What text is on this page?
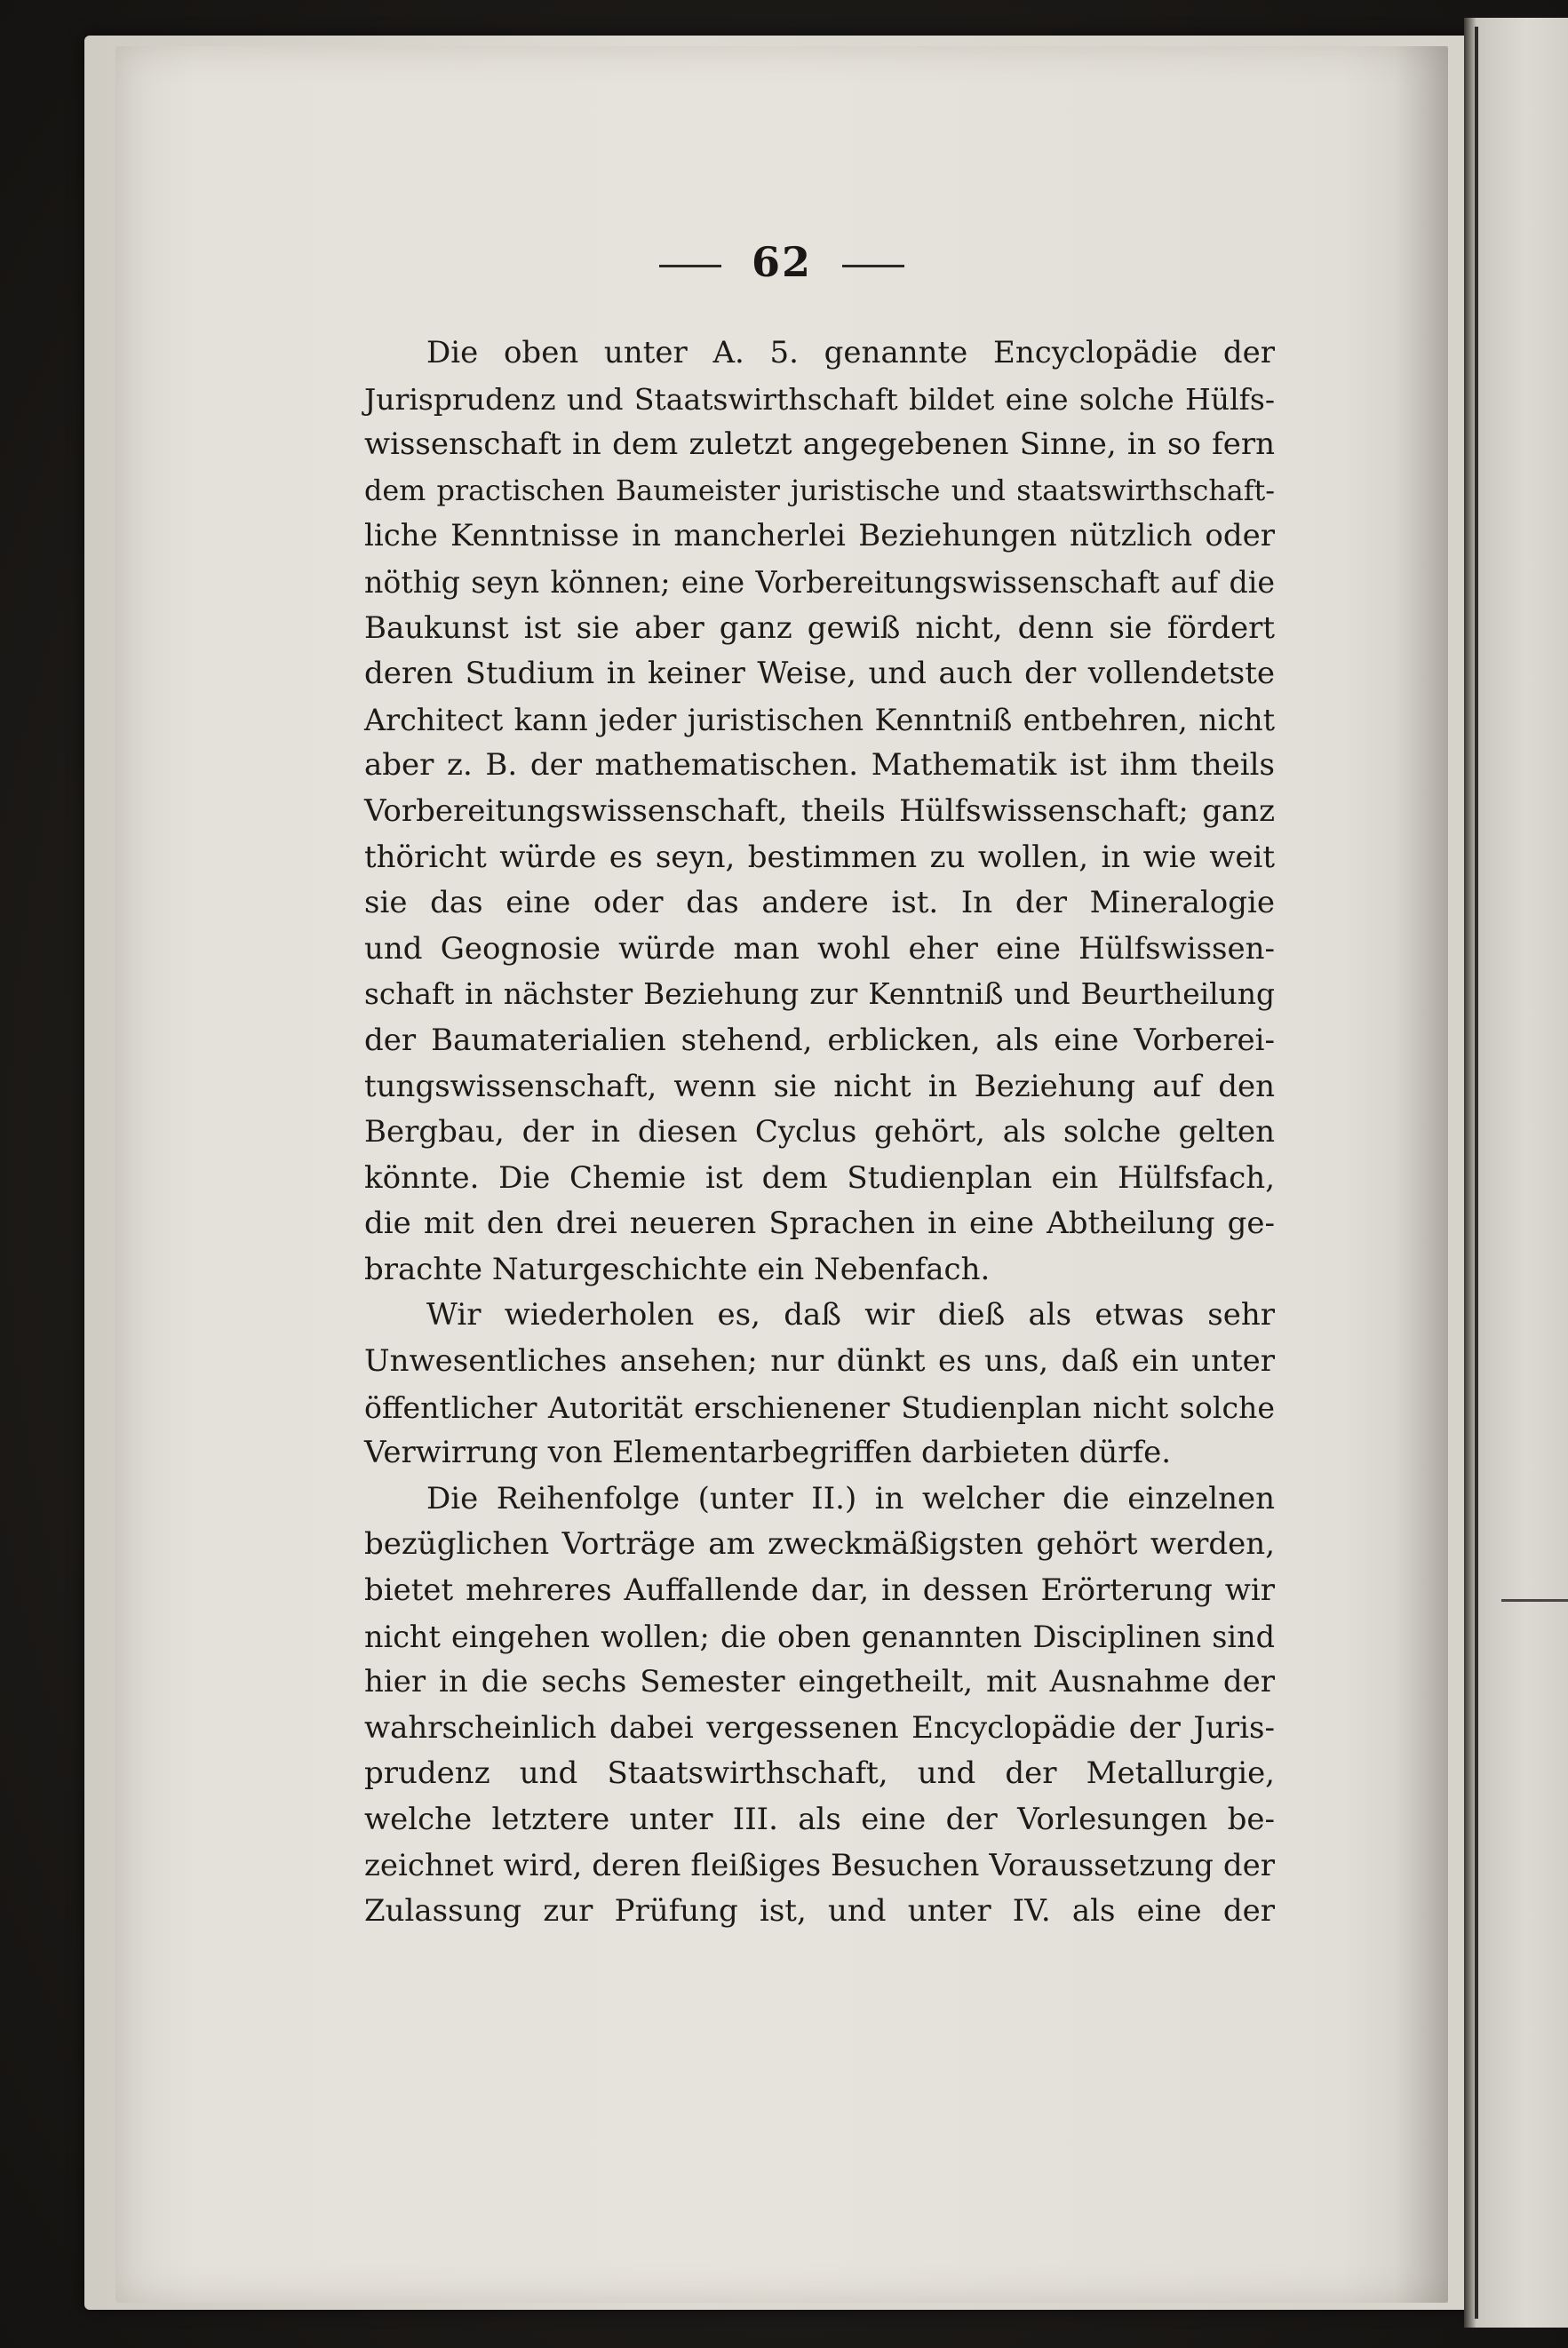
62
Die oben unter A. 5. genannte Encyclopädie der
Jurisprudenz und Staatswirthschaft bildet eine solche Hülfs-
wissenschaft in dem zuletzt angegebenen Sinne, in so fern
dem practischen Baumeister juristische und staatswirthschaft-
liche Kenntnisse in mancherlei Beziehungen nützlich oder
nöthig seyn können; eine Vorbereitungswissenschaft auf die
Baukunst ist sie aber ganz gewiß nicht, denn sie fördert
deren Studium in keiner Weise, und auch der vollendetste
Architect kann jeder juristischen Kenntniß entbehren, nicht
aber z. B. der mathematischen. Mathematik ist ihm theils
Vorbereitungswissenschaft, theils Hülfswissenschaft; ganz
thöricht würde es seyn, bestimmen zu wollen, in wie weit
sie das eine oder das andere ist. In der Mineralogie
und Geognosie würde man wohl eher eine Hülfswissen-
schaft in nächster Beziehung zur Kenntniß und Beurtheilung
der Baumaterialien stehend, erblicken, als eine Vorberei-
tungswissenschaft, wenn sie nicht in Beziehung auf den
Bergbau, der in diesen Cyclus gehört, als solche gelten
könnte. Die Chemie ist dem Studienplan ein Hülfsfach,
die mit den drei neueren Sprachen in eine Abtheilung ge-
brachte Naturgeschichte ein Nebenfach.
Wir wiederholen es, daß wir dieß als etwas sehr
Unwesentliches ansehen; nur dünkt es uns, daß ein unter
öffentlicher Autorität erschienener Studienplan nicht solche
Verwirrung von Elementarbegriffen darbieten dürfe.
Die Reihenfolge (unter II.) in welcher die einzelnen
bezüglichen Vorträge am zweckmäßigsten gehört werden,
bietet mehreres Auffallende dar, in dessen Erörterung wir
nicht eingehen wollen; die oben genannten Disciplinen sind
hier in die sechs Semester eingetheilt, mit Ausnahme der
wahrscheinlich dabei vergessenen Encyclopädie der Juris-
prudenz und Staatswirthschaft, und der Metallurgie,
welche letztere unter III. als eine der Vorlesungen be-
zeichnet wird, deren fleißiges Besuchen Voraussetzung der
Zulassung zur Prüfung ist, und unter IV. als eine der
